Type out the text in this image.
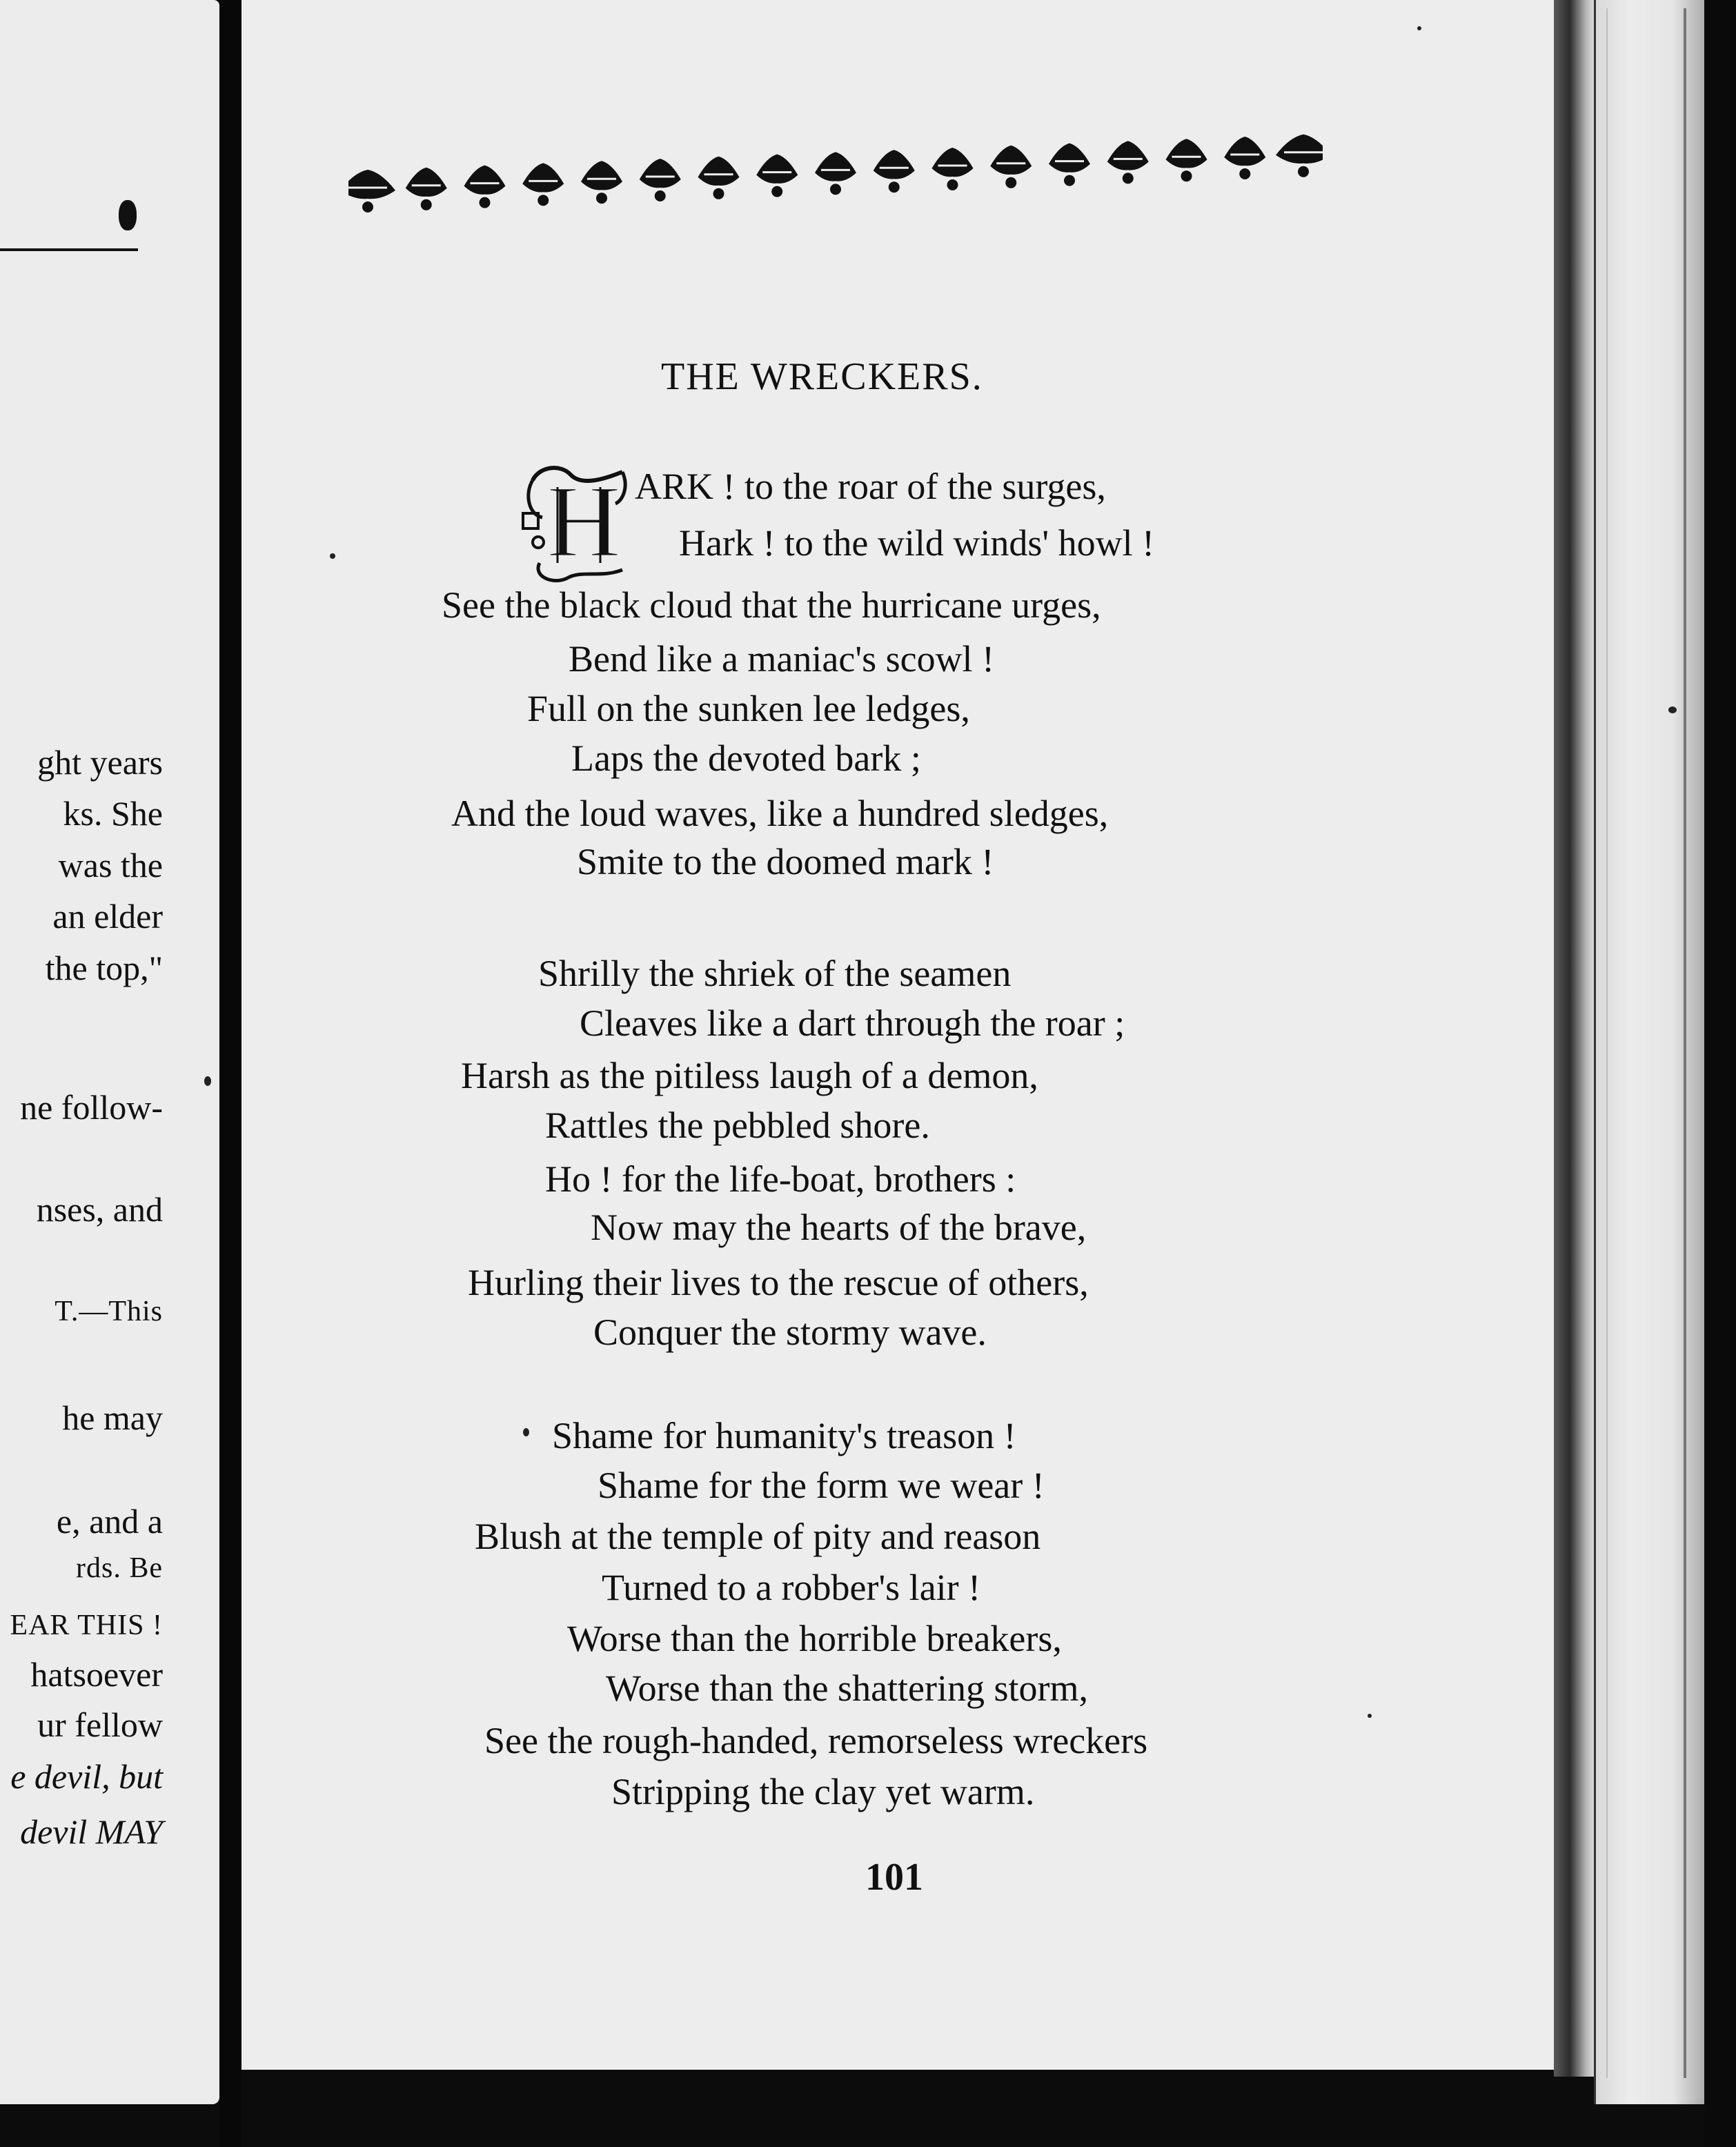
ght years
ks. She
was the
an elder
the top,"
ne follow-
nses, and
T.—This
he may
e, and a
rds. Be
EAR THIS !
hatsoever
ur fellow
e devil, but
devil MAY
THE WRECKERS.
H ARK ! to the roar of the surges,
Hark ! to the wild winds' howl !
See the black cloud that the hurricane urges,
Bend like a maniac's scowl !
Full on the sunken lee ledges,
Laps the devoted bark ;
And the loud waves, like a hundred sledges,
Smite to the doomed mark !
Shrilly the shriek of the seamen
Cleaves like a dart through the roar ;
Harsh as the pitiless laugh of a demon,
Rattles the pebbled shore.
Ho ! for the life-boat, brothers :
Now may the hearts of the brave,
Hurling their lives to the rescue of others,
Conquer the stormy wave.
Shame for humanity's treason !
Shame for the form we wear !
Blush at the temple of pity and reason
Turned to a robber's lair !
Worse than the horrible breakers,
Worse than the shattering storm,
See the rough-handed, remorseless wreckers
Stripping the clay yet warm.
101
